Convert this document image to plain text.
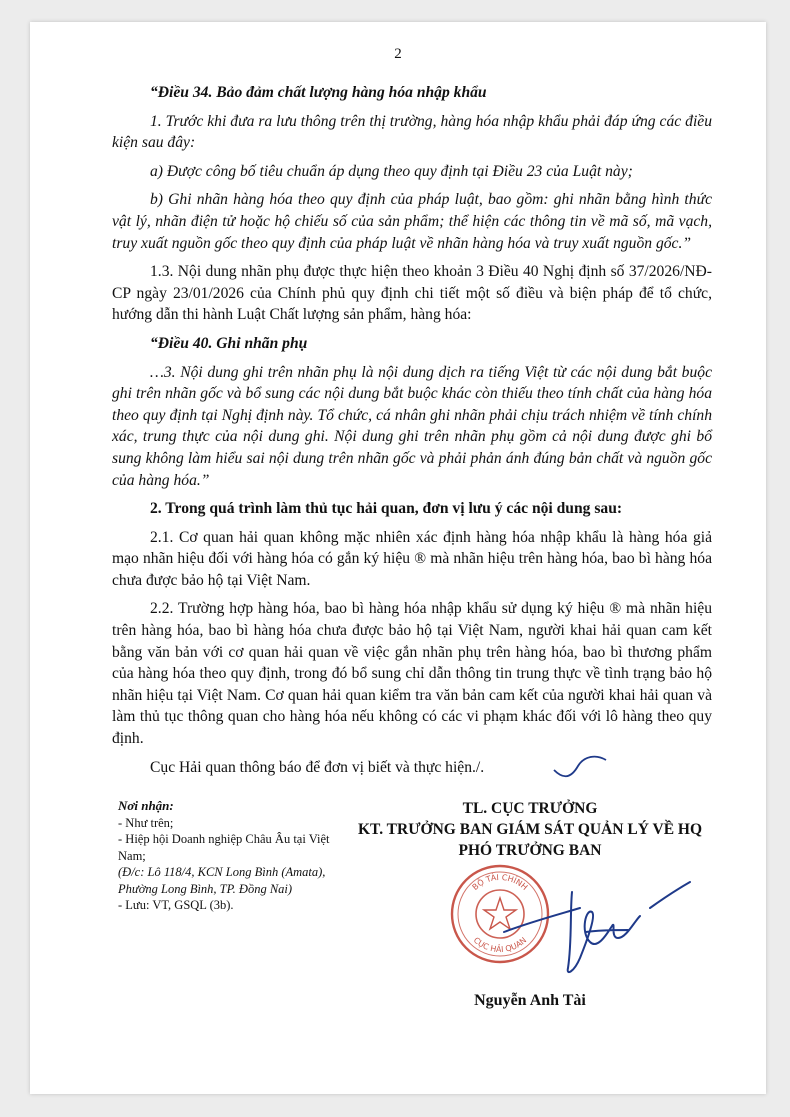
2

“Điều 34. Bảo đảm chất lượng hàng hóa nhập khẩu

1. Trước khi đưa ra lưu thông trên thị trường, hàng hóa nhập khẩu phải đáp ứng các điều kiện sau đây:

a) Được công bố tiêu chuẩn áp dụng theo quy định tại Điều 23 của Luật này;

b) Ghi nhãn hàng hóa theo quy định của pháp luật, bao gồm: ghi nhãn bằng hình thức vật lý, nhãn điện tử hoặc hộ chiếu số của sản phẩm; thể hiện các thông tin về mã số, mã vạch, truy xuất nguồn gốc theo quy định của pháp luật về nhãn hàng hóa và truy xuất nguồn gốc.”

1.3. Nội dung nhãn phụ được thực hiện theo khoản 3 Điều 40 Nghị định số 37/2026/NĐ-CP ngày 23/01/2026 của Chính phủ quy định chi tiết một số điều và biện pháp để tổ chức, hướng dẫn thi hành Luật Chất lượng sản phẩm, hàng hóa:

“Điều 40. Ghi nhãn phụ

…3. Nội dung ghi trên nhãn phụ là nội dung dịch ra tiếng Việt từ các nội dung bắt buộc ghi trên nhãn gốc và bổ sung các nội dung bắt buộc khác còn thiếu theo tính chất của hàng hóa theo quy định tại Nghị định này. Tổ chức, cá nhân ghi nhãn phải chịu trách nhiệm về tính chính xác, trung thực của nội dung ghi. Nội dung ghi trên nhãn phụ gồm cả nội dung được ghi bổ sung không làm hiểu sai nội dung trên nhãn gốc và phải phản ánh đúng bản chất và nguồn gốc của hàng hóa.”

2. Trong quá trình làm thủ tục hải quan, đơn vị lưu ý các nội dung sau:

2.1. Cơ quan hải quan không mặc nhiên xác định hàng hóa nhập khẩu là hàng hóa giả mạo nhãn hiệu đối với hàng hóa có gắn ký hiệu ® mà nhãn hiệu trên hàng hóa, bao bì hàng hóa chưa được bảo hộ tại Việt Nam.

2.2. Trường hợp hàng hóa, bao bì hàng hóa nhập khẩu sử dụng ký hiệu ® mà nhãn hiệu trên hàng hóa, bao bì hàng hóa chưa được bảo hộ tại Việt Nam, người khai hải quan cam kết bằng văn bản với cơ quan hải quan về việc gắn nhãn phụ trên hàng hóa, bao bì thương phẩm của hàng hóa theo quy định, trong đó bổ sung chỉ dẫn thông tin trung thực về tình trạng bảo hộ nhãn hiệu tại Việt Nam. Cơ quan hải quan kiểm tra văn bản cam kết của người khai hải quan và làm thủ tục thông quan cho hàng hóa nếu không có các vi phạm khác đối với lô hàng theo quy định.

Cục Hải quan thông báo để đơn vị biết và thực hiện./.

Nơi nhận:
- Như trên;
- Hiệp hội Doanh nghiệp Châu Âu tại Việt Nam;
(Đ/c: Lô 118/4, KCN Long Bình (Amata), Phường Long Bình, TP. Đồng Nai)
- Lưu: VT, GSQL (3b).
TL. CỤC TRƯỞNG
KT. TRƯỞNG BAN GIÁM SÁT QUẢN LÝ VỀ HQ
PHÓ TRƯỞNG BAN
BỘ TÀI CHÍNH
CỤC HẢI QUAN
Nguyễn Anh Tài
